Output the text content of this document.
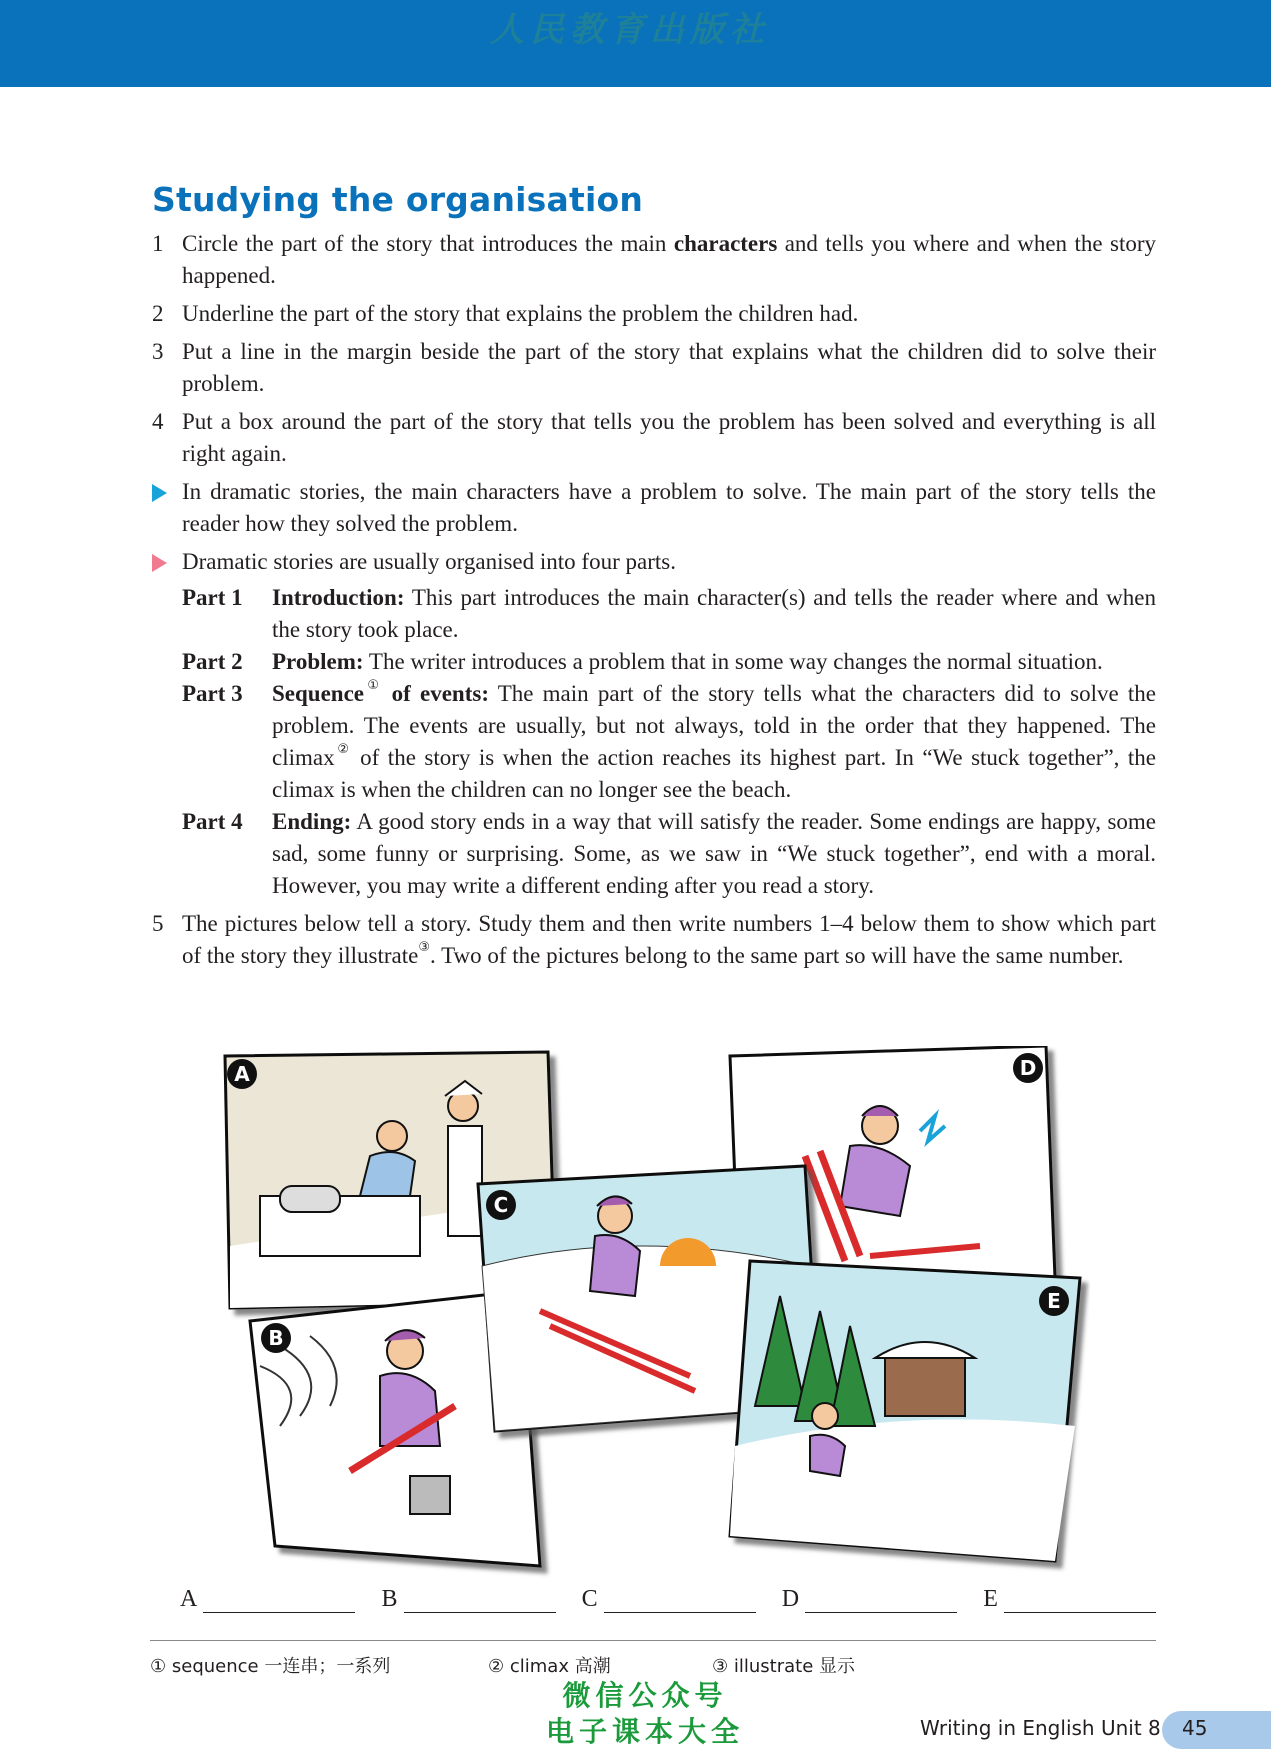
人民教育出版社
Studying the organisation
1 Circle the part of the story that introduces the main characters and tells you where and when the story happened.
2 Underline the part of the story that explains the problem the children had.
3 Put a line in the margin beside the part of the story that explains what the children did to solve their problem.
4 Put a box around the part of the story that tells you the problem has been solved and everything is all right again.
In dramatic stories, the main characters have a problem to solve. The main part of the story tells the reader how they solved the problem.
Dramatic stories are usually organised into four parts.
Part 1	Introduction: This part introduces the main character(s) and tells the reader where and when the story took place.
Part 2	Problem: The writer introduces a problem that in some way changes the normal situation.
Part 3	Sequence① of events: The main part of the story tells what the characters did to solve the problem. The events are usually, but not always, told in the order that they happened. The climax② of the story is when the action reaches its highest part. In “We stuck together”, the climax is when the children can no longer see the beach.
Part 4	Ending: A good story ends in a way that will satisfy the reader. Some endings are happy, some sad, some funny or surprising. Some, as we saw in “We stuck together”, end with a moral. However, you may write a different ending after you read a story.
5 The pictures below tell a story. Study them and then write numbers 1–4 below them to show which part of the story they illustrate③. Two of the pictures belong to the same part so will have the same number.
A	D
B
C
E
A	B	C	D	E
① sequence 一连串；一系列	② climax 高潮	③ illustrate 显示
微信公众号
电子课本大全	Writing in English Unit 8 45
